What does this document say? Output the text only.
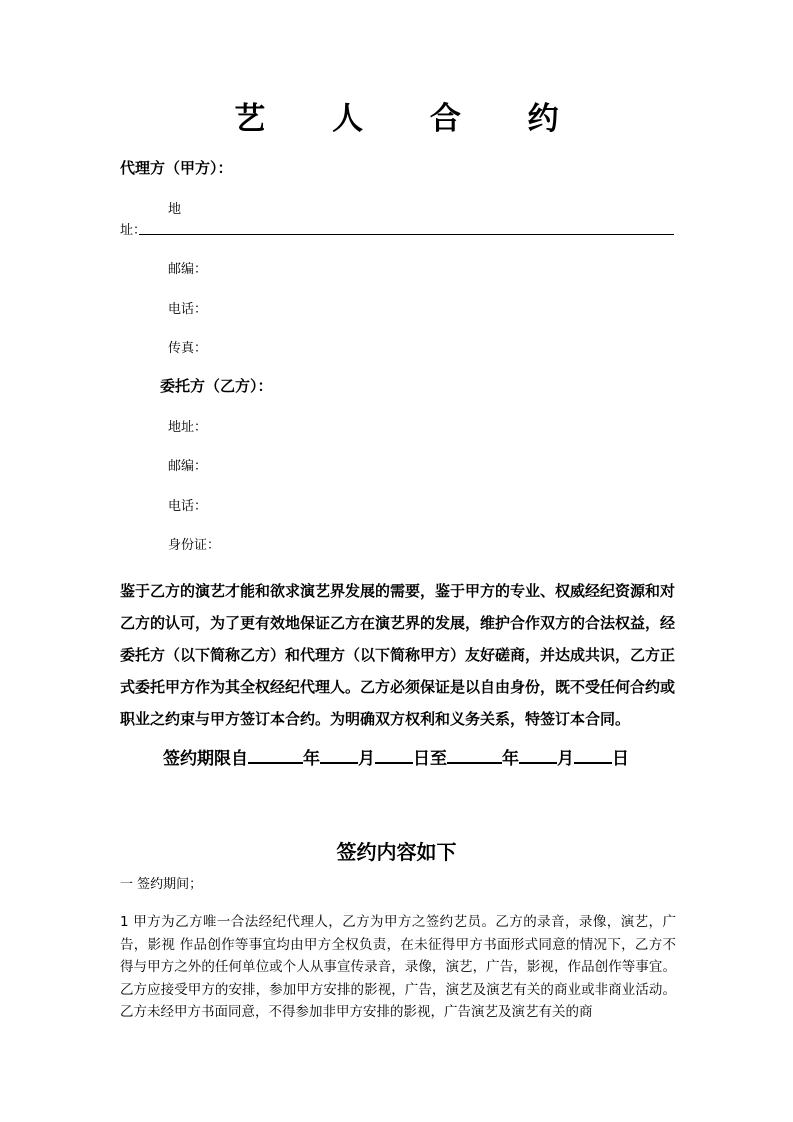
艺 人 合 约
代理方（甲方）：
地
址：
邮编：
电话：
传真：
委托方（乙方）：
地址：
邮编：
电话：
身份证：
鉴于乙方的演艺才能和欲求演艺界发展的需要，鉴于甲方的专业、权威经纪资源和对乙方的认可，为了更有效地保证乙方在演艺界的发展，维护合作双方的合法权益，经委托方（以下简称乙方）和代理方（以下简称甲方）友好磋商，并达成共识，乙方正式委托甲方作为其全权经纪代理人。乙方必须保证是以自由身份，既不受任何合约或职业之约束与甲方签订本合约。为明确双方权利和义务关系，特签订本合同。
签约期限自	年 月 日至	年 月 日
签约内容如下
一 签约期间；
1 甲方为乙方唯一合法经纪代理人，乙方为甲方之签约艺员。乙方的录音，录像，演艺，广告，影视 作品创作等事宜均由甲方全权负责，在未征得甲方书面形式同意的情况下，乙方不得与甲方之外的任何单位或个人从事宣传录音，录像，演艺，广告，影视，作品创作等事宜。 乙方应接受甲方的安排，参加甲方安排的影视，广告，演艺及演艺有关的商业或非商业活动。乙方未经甲方书面同意，不得参加非甲方安排的影视，广告演艺及演艺有关的商
